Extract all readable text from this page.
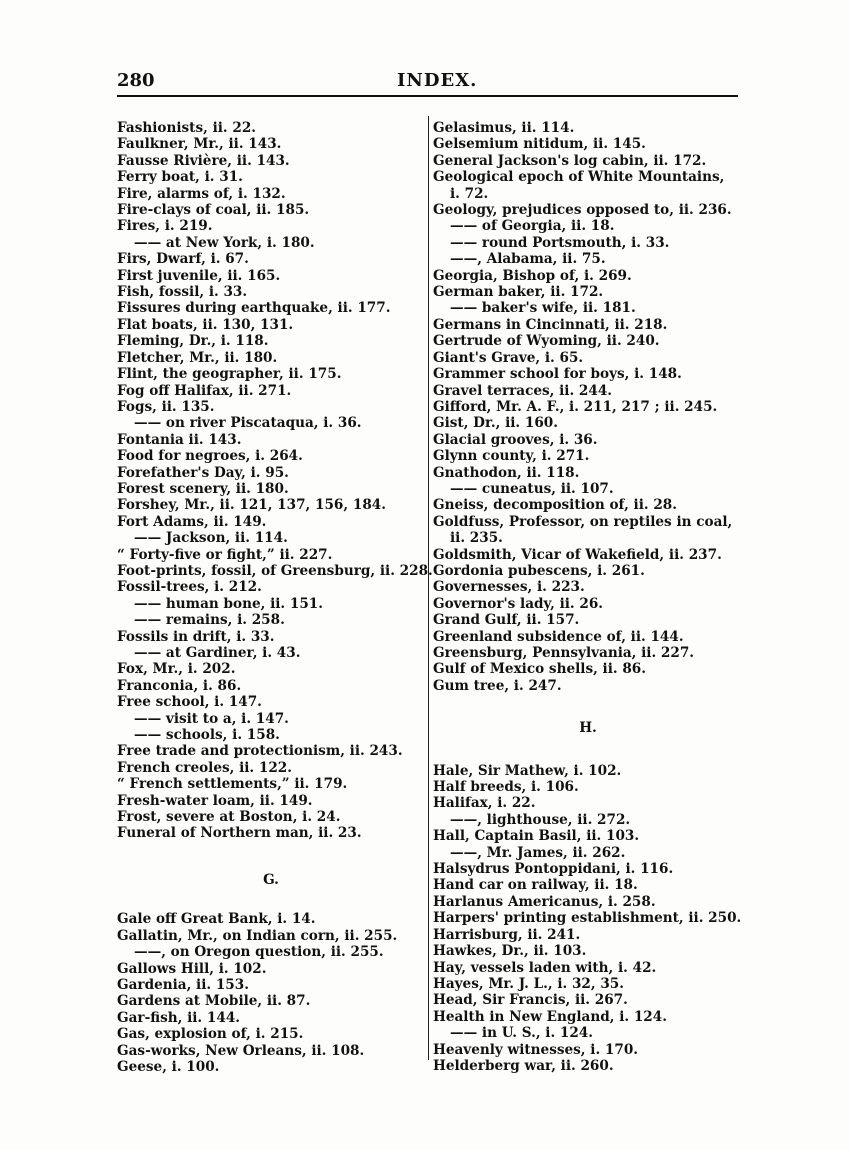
280	INDEX.
Fashionists, ii. 22.
Faulkner, Mr., ii. 143.
Fausse Rivière, ii. 143.
Ferry boat, i. 31.
Fire, alarms of, i. 132.
Fire-clays of coal, ii. 185.
Fires, i. 219.
—— at New York, i. 180.
Firs, Dwarf, i. 67.
First juvenile, ii. 165.
Fish, fossil, i. 33.
Fissures during earthquake, ii. 177.
Flat boats, ii. 130, 131.
Fleming, Dr., i. 118.
Fletcher, Mr., ii. 180.
Flint, the geographer, ii. 175.
Fog off Halifax, ii. 271.
Fogs, ii. 135.
—— on river Piscataqua, i. 36.
Fontania ii. 143.
Food for negroes, i. 264.
Forefather's Day, i. 95.
Forest scenery, ii. 180.
Forshey, Mr., ii. 121, 137, 156, 184.
Fort Adams, ii. 149.
—— Jackson, ii. 114.
“ Forty-five or fight,” ii. 227.
Foot-prints, fossil, of Greensburg, ii. 228.
Fossil-trees, i. 212.
—— human bone, ii. 151.
—— remains, i. 258.
Fossils in drift, i. 33.
—— at Gardiner, i. 43.
Fox, Mr., i. 202.
Franconia, i. 86.
Free school, i. 147.
—— visit to a, i. 147.
—— schools, i. 158.
Free trade and protectionism, ii. 243.
French creoles, ii. 122.
“ French settlements,” ii. 179.
Fresh-water loam, ii. 149.
Frost, severe at Boston, i. 24.
Funeral of Northern man, ii. 23.
G.
Gale off Great Bank, i. 14.
Gallatin, Mr., on Indian corn, ii. 255.
——, on Oregon question, ii. 255.
Gallows Hill, i. 102.
Gardenia, ii. 153.
Gardens at Mobile, ii. 87.
Gar-fish, ii. 144.
Gas, explosion of, i. 215.
Gas-works, New Orleans, ii. 108.
Geese, i. 100.
Gelasimus, ii. 114.
Gelsemium nitidum, ii. 145.
General Jackson's log cabin, ii. 172.
Geological epoch of White Mountains,
i. 72.
Geology, prejudices opposed to, ii. 236.
—— of Georgia, ii. 18.
—— round Portsmouth, i. 33.
——, Alabama, ii. 75.
Georgia, Bishop of, i. 269.
German baker, ii. 172.
—— baker's wife, ii. 181.
Germans in Cincinnati, ii. 218.
Gertrude of Wyoming, ii. 240.
Giant's Grave, i. 65.
Grammer school for boys, i. 148.
Gravel terraces, ii. 244.
Gifford, Mr. A. F., i. 211, 217 ; ii. 245.
Gist, Dr., ii. 160.
Glacial grooves, i. 36.
Glynn county, i. 271.
Gnathodon, ii. 118.
—— cuneatus, ii. 107.
Gneiss, decomposition of, ii. 28.
Goldfuss, Professor, on reptiles in coal,
ii. 235.
Goldsmith, Vicar of Wakefield, ii. 237.
Gordonia pubescens, i. 261.
Governesses, i. 223.
Governor's lady, ii. 26.
Grand Gulf, ii. 157.
Greenland subsidence of, ii. 144.
Greensburg, Pennsylvania, ii. 227.
Gulf of Mexico shells, ii. 86.
Gum tree, i. 247.
H.
Hale, Sir Mathew, i. 102.
Half breeds, i. 106.
Halifax, i. 22.
——, lighthouse, ii. 272.
Hall, Captain Basil, ii. 103.
——, Mr. James, ii. 262.
Halsydrus Pontoppidani, i. 116.
Hand car on railway, ii. 18.
Harlanus Americanus, i. 258.
Harpers' printing establishment, ii. 250.
Harrisburg, ii. 241.
Hawkes, Dr., ii. 103.
Hay, vessels laden with, i. 42.
Hayes, Mr. J. L., i. 32, 35.
Head, Sir Francis, ii. 267.
Health in New England, i. 124.
—— in U. S., i. 124.
Heavenly witnesses, i. 170.
Helderberg war, ii. 260.
